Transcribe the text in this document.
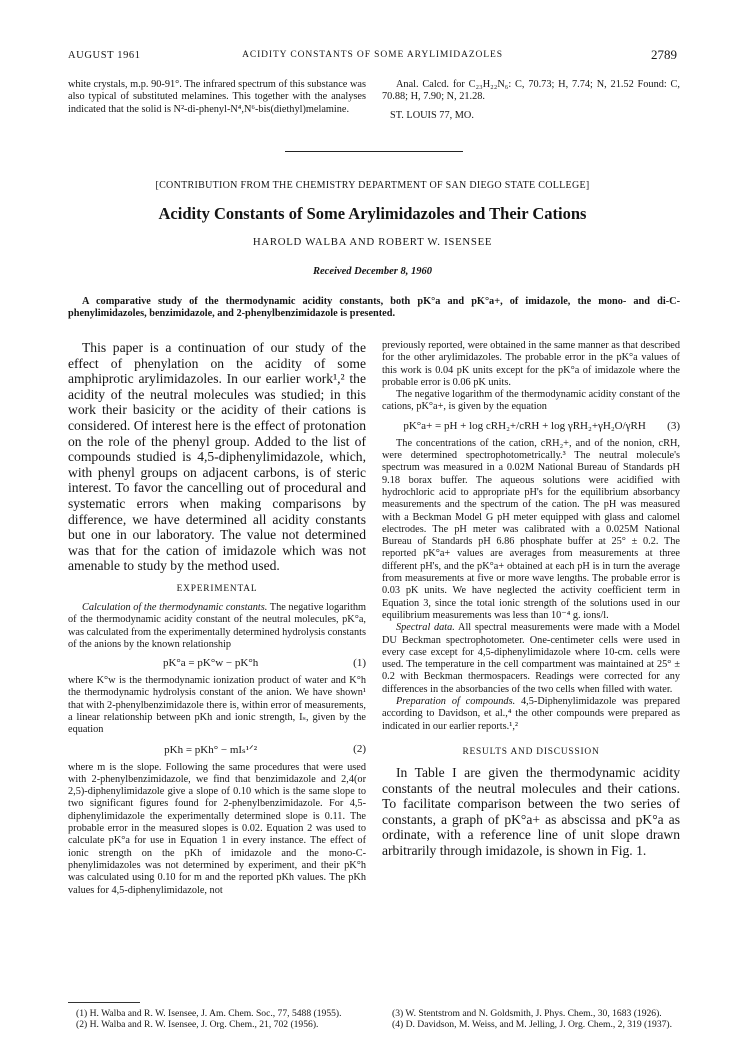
AUGUST 1961	ACIDITY CONSTANTS OF SOME ARYLIMIDAZOLES	2789

white crystals, m.p. 90-91°. The infrared spectrum of this substance was also typical of substituted melamines. This together with the analyses indicated that the solid is N²-di-phenyl-N⁴,N⁶-bis(diethyl)melamine.

Anal. Calcd. for C₂₃H₂₂N₆: C, 70.73; H, 7.74; N, 21.52 Found: C, 70.88; H, 7.90; N, 21.28.

ST. LOUIS 77, MO.

[CONTRIBUTION FROM THE CHEMISTRY DEPARTMENT OF SAN DIEGO STATE COLLEGE]
Acidity Constants of Some Arylimidazoles and Their Cations
HAROLD WALBA AND ROBERT W. ISENSEE
Received December 8, 1960
A comparative study of the thermodynamic acidity constants, both pK°a and pK°a+, of imidazole, the mono- and di-C-phenylimidazoles, benzimidazole, and 2-phenylbenzimidazole is presented.

This paper is a continuation of our study of the effect of phenylation on the acidity of some amphiprotic arylimidazoles. In our earlier work¹,² the acidity of the neutral molecules was studied; in this work their basicity or the acidity of their cations is considered. Of interest here is the effect of protonation on the role of the phenyl group. Added to the list of compounds studied is 4,5-diphenylimidazole, which, with phenyl groups on adjacent carbons, is of steric interest. To favor the cancelling out of procedural and systematic errors when making comparisons by difference, we have determined all acidity constants but one in our laboratory. The value not determined was that for the cation of imidazole which was not amenable to study by the method used.

EXPERIMENTAL

Calculation of the thermodynamic constants. The negative logarithm of the thermodynamic acidity constant of the neutral molecules, pK°a, was calculated from the experimentally determined hydrolysis constants of the anions by the known relationship

pK°a = pK°w − pK°h	(1)

where K°w is the thermodynamic ionization product of water and K°h the thermodynamic hydrolysis constant of the anion. We have shown¹ that with 2-phenylbenzimidazole there is, within error of measurements, a linear relationship between pKh and ionic strength, Iₛ, given by the equation

pKh = pKh° − mIₛ¹ᐟ²	(2)

where m is the slope. Following the same procedures that were used with 2-phenylbenzimidazole, we find that benzimidazole and 2,4(or 2,5)-diphenylimidazole give a slope of 0.10 which is the same slope to two significant figures found for 2-phenylbenzimidazole. For 4,5-diphenylimidazole the experimentally determined slope is 0.11. The probable error in the measured slopes is 0.02. Equation 2 was used to calculate pK°a for use in Equation 1 in every instance. The effect of ionic strength on the pKh of imidazole and the mono-C-phenylimidazoles was not determined by experiment, and their pK°h was calculated using 0.10 for m and the reported pKh values. The pKh values for 4,5-diphenylimidazole, not

previously reported, were obtained in the same manner as that described for the other arylimidazoles. The probable error in the pK°a values of this work is 0.04 pK units except for the pK°a of imidazole where the probable error is 0.06 pK units.

The negative logarithm of the thermodynamic acidity constant of the cations, pK°a+, is given by the equation

pK°a+ = pH + log cRH₂+/cRH + log γRH₂+γH₂O/γRH	(3)

The concentrations of the cation, cRH₂+, and of the nonion, cRH, were determined spectrophotometrically.³ The neutral molecule's spectrum was measured in a 0.02M National Bureau of Standards pH 9.18 borax buffer. The aqueous solutions were acidified with hydrochloric acid to appropriate pH's for the equilibrium absorbancy measurements and the spectrum of the cation. The pH was measured with a Beckman Model G pH meter equipped with glass and calomel electrodes. The pH meter was calibrated with a 0.025M National Bureau of Standards pH 6.86 phosphate buffer at 25° ± 0.2. The reported pK°a+ values are averages from measurements at three different pH's, and the pK°a+ obtained at each pH is in turn the average from measurements at five or more wave lengths. The probable error is 0.03 pK units. We have neglected the activity coefficient term in Equation 3, since the total ionic strength of the solutions used in our equilibrium measurements was less than 10⁻⁴ g. ions/l.

Spectral data. All spectral measurements were made with a Model DU Beckman spectrophotometer. One-centimeter cells were used in every case except for 4,5-diphenylimidazole where 10-cm. cells were used. The temperature in the cell compartment was maintained at 25° ± 0.2 with Beckman thermospacers. Readings were corrected for any differences in the absorbancies of the two cells when filled with water.

Preparation of compounds. 4,5-Diphenylimidazole was prepared according to Davidson, et al.,⁴ the other compounds were prepared as indicated in our earlier reports.¹,²

RESULTS AND DISCUSSION

In Table I are given the thermodynamic acidity constants of the neutral molecules and their cations. To facilitate comparison between the two series of constants, a graph of pK°a+ as abscissa and pK°a as ordinate, with a reference line of unit slope drawn arbitrarily through imidazole, is shown in Fig. 1.

(1) H. Walba and R. W. Isensee, J. Am. Chem. Soc., 77, 5488 (1955).

(2) H. Walba and R. W. Isensee, J. Org. Chem., 21, 702 (1956).

(3) W. Stentstrom and N. Goldsmith, J. Phys. Chem., 30, 1683 (1926).

(4) D. Davidson, M. Weiss, and M. Jelling, J. Org. Chem., 2, 319 (1937).
